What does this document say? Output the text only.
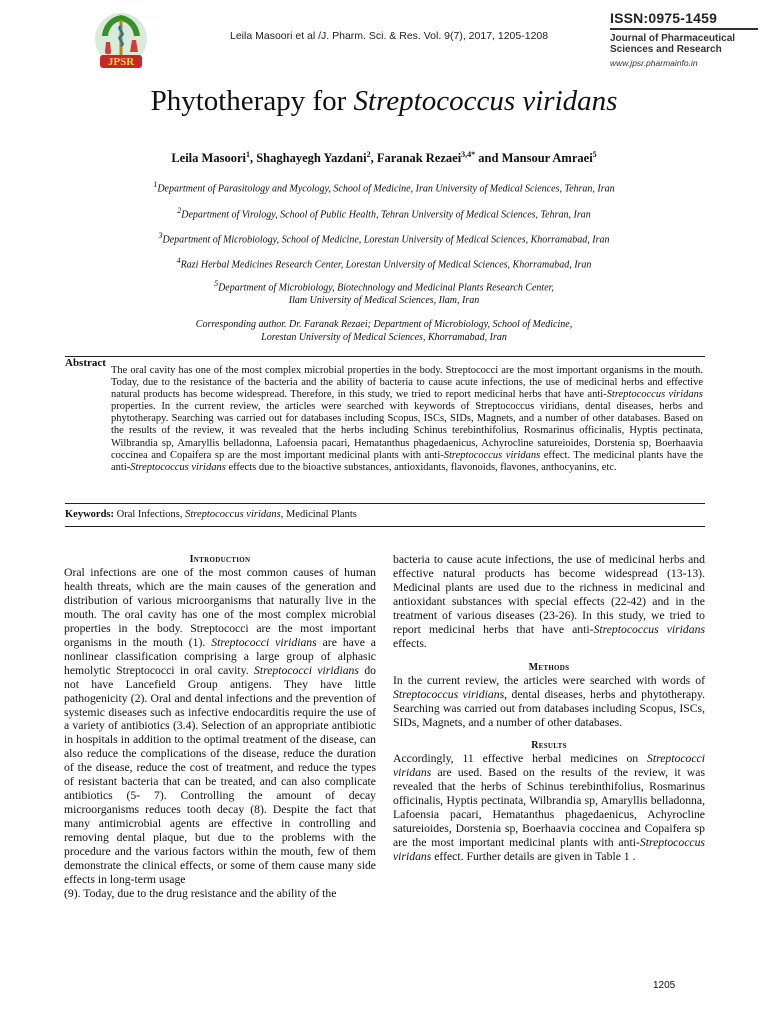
JPSR
Leila Masoori et al /J. Pharm. Sci. & Res. Vol. 9(7), 2017, 1205-1208
ISSN:0975-1459
Journal of Pharmaceutical
Sciences and Research
www.jpsr.pharmainfo.in
Phytotherapy for Streptococcus viridans
Leila Masoori$^1$, Shaghayegh Yazdani$^2$, Faranak Rezaei$^{3,4*}$ and Mansour Amraei$^5$
$^1$Department of Parasitology and Mycology, School of Medicine, Iran University of Medical Sciences, Tehran, Iran
$^2$Department of Virology, School of Public Health, Tehran University of Medical Sciences, Tehran, Iran
$^3$Department of Microbiology, School of Medicine, Lorestan University of Medical Sciences, Khorramabad, Iran
$^4$Razi Herbal Medicines Research Center, Lorestan University of Medical Sciences, Khorramabad, Iran
$^5$Department of Microbiology, Biotechnology and Medicinal Plants Research Center,
Ilam University of Medical Sciences, Ilam, Iran
Corresponding author. Dr. Faranak Rezaei; Department of Microbiology, School of Medicine,
Lorestan University of Medical Sciences, Khorramabad, Iran
Abstract
The oral cavity has one of the most complex microbial properties in the body. Streptococci are the most important organisms in the mouth. Today, due to the resistance of the bacteria and the ability of bacteria to cause acute infections, the use of medicinal herbs and effective natural products has become widespread. Therefore, in this study, we tried to report medicinal herbs that have anti-Streptococcus viridans properties. In the current review, the articles were searched with keywords of Streptococcus viridians, dental diseases, herbs and phytotherapy. Searching was carried out for databases including Scopus, ISCs, SIDs, Magnets, and a number of other databases. Based on the results of the review, it was revealed that the herbs including Schinus terebinthifolius, Rosmarinus officinalis, Hyptis pectinata, Wilbrandia sp, Amaryllis belladonna, Lafoensia pacari, Hematanthus phagedaenicus, Achyrocline satureioides, Dorstenia sp, Boerhaavia coccinea and Copaifera sp are the most important medicinal plants with anti-Streptococcus viridans effect. The medicinal plants have the anti-Streptococcus viridans effects due to the bioactive substances, antioxidants, flavonoids, flavones, anthocyanins, etc.
Keywords: Oral Infections, Streptococcus viridans, Medicinal Plants

Introduction

Oral infections are one of the most common causes of human health threats, which are the main causes of the generation and distribution of various microorganisms that naturally live in the mouth. The oral cavity has one of the most complex microbial properties in the body. Streptococci are the most important organisms in the mouth (1). Streptococci viridians are have a nonlinear classification comprising a large group of alphasic hemolytic Streptococci in oral cavity. Streptococci viridians do not have Lancefield Group antigens. They have little pathogenicity (2). Oral and dental infections and the prevention of systemic diseases such as infective endocarditis require the use of a variety of antibiotics (3.4). Selection of an appropriate antibiotic in hospitals in addition to the optimal treatment of the disease, can also reduce the complications of the disease, reduce the duration of the disease, reduce the cost of treatment, and reduce the types of resistant bacteria that can be treated, and can also complicate antibiotics (5- 7). Controlling the amount of decay microorganisms reduces tooth decay (8). Despite the fact that many antimicrobial agents are effective in controlling and removing dental plaque, but due to the problems with the procedure and the various factors within the mouth, few of them demonstrate the clinical effects, or some of them cause many side effects in long-term usage

(9). Today, due to the drug resistance and the ability of the

bacteria to cause acute infections, the use of medicinal herbs and effective natural products has become widespread (13-13). Medicinal plants are used due to the richness in medicinal and antioxidant substances with special effects (22-42) and in the treatment of various diseases (23-26). In this study, we tried to report medicinal herbs that have anti-Streptococcus viridans effects.

Methods

In the current review, the articles were searched with words of Streptococcus viridians, dental diseases, herbs and phytotherapy. Searching was carried out from databases including Scopus, ISCs, SIDs, Magnets, and a number of other databases.

Results

Accordingly, 11 effective herbal medicines on Streptococci viridans are used. Based on the results of the review, it was revealed that the herbs of Schinus terebinthifolius, Rosmarinus officinalis, Hyptis pectinata, Wilbrandia sp, Amaryllis belladonna, Lafoensia pacari, Hematanthus phagedaenicus, Achyrocline satureioides, Dorstenia sp, Boerhaavia coccinea and Copaifera sp are the most important medicinal plants with anti-Streptococcus viridans effect. Further details are given in Table 1 .

1205
